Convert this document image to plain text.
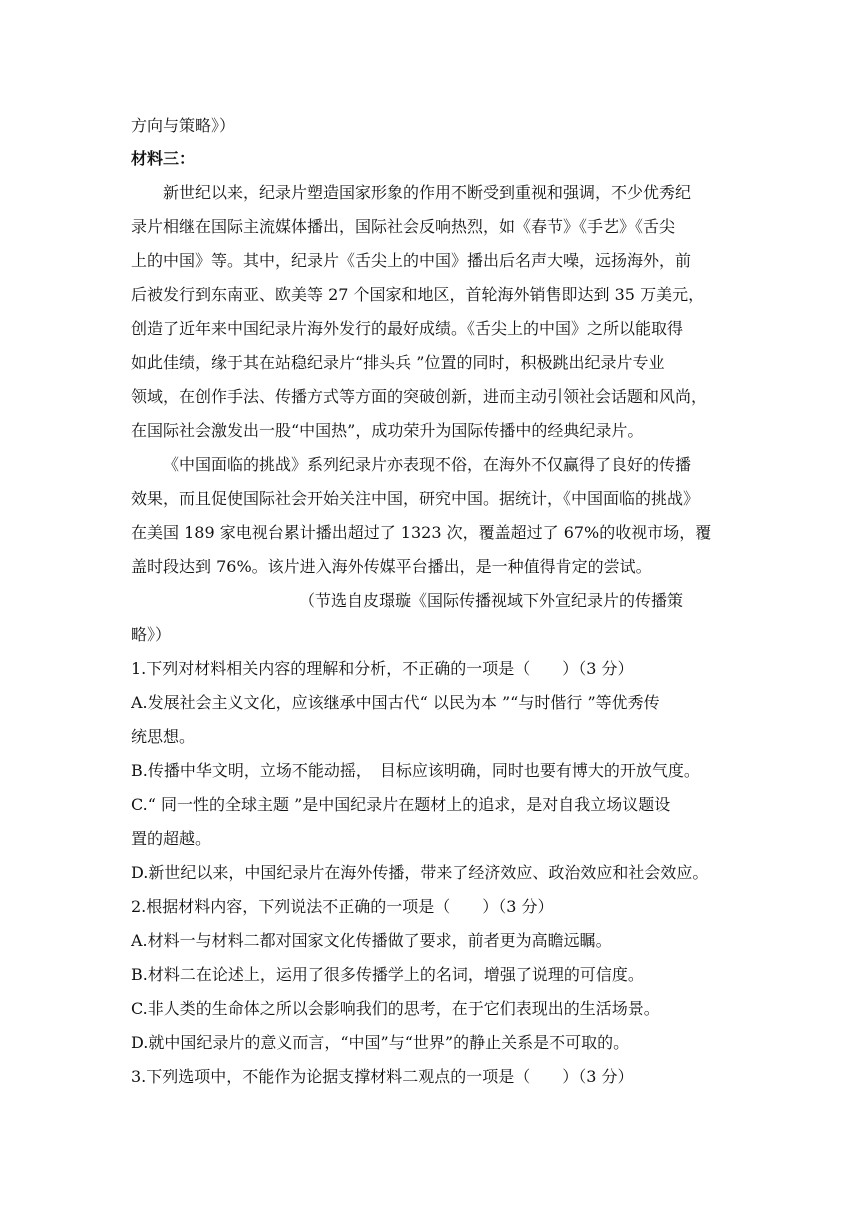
方向与策略》）
材料三：
新世纪以来，纪录片塑造国家形象的作用不断受到重视和强调，不少优秀纪
录片相继在国际主流媒体播出，国际社会反响热烈，如《春节》《手艺》《舌尖
上的中国》等。其中，纪录片《舌尖上的中国》播出后名声大噪，远扬海外，前
后被发行到东南亚、欧美等 27 个国家和地区，首轮海外销售即达到 35 万美元，
创造了近年来中国纪录片海外发行的最好成绩。《舌尖上的中国》之所以能取得
如此佳绩，缘于其在站稳纪录片“排头兵 ”位置的同时，积极跳出纪录片专业
领域，在创作手法、传播方式等方面的突破创新，进而主动引领社会话题和风尚，
在国际社会激发出一股“中国热”，成功荣升为国际传播中的经典纪录片。
《中国面临的挑战》系列纪录片亦表现不俗，在海外不仅赢得了良好的传播
效果，而且促使国际社会开始关注中国，研究中国。据统计，《中国面临的挑战》
在美国 189 家电视台累计播出超过了 1323 次，覆盖超过了 67%的收视市场，覆
盖时段达到 76%。该片进入海外传媒平台播出，是一种值得肯定的尝试。
（节选自皮璟璇《国际传播视域下外宣纪录片的传播策
略》）
1.下列对材料相关内容的理解和分析，不正确的一项是（　　）（3 分）
A.发展社会主义文化，应该继承中国古代“ 以民为本 ”“与时偕行 ”等优秀传
统思想。
B.传播中华文明，立场不能动摇，　目标应该明确，同时也要有博大的开放气度。
C.“ 同一性的全球主题 ”是中国纪录片在题材上的追求，是对自我立场议题设
置的超越。
D.新世纪以来，中国纪录片在海外传播，带来了经济效应、政治效应和社会效应。
2.根据材料内容，下列说法不正确的一项是（　　）（3 分）
A.材料一与材料二都对国家文化传播做了要求，前者更为高瞻远瞩。
B.材料二在论述上，运用了很多传播学上的名词，增强了说理的可信度。
C.非人类的生命体之所以会影响我们的思考，在于它们表现出的生活场景。
D.就中国纪录片的意义而言，“中国”与“世界”的静止关系是不可取的。
3.下列选项中，不能作为论据支撑材料二观点的一项是（　　）（3 分）
